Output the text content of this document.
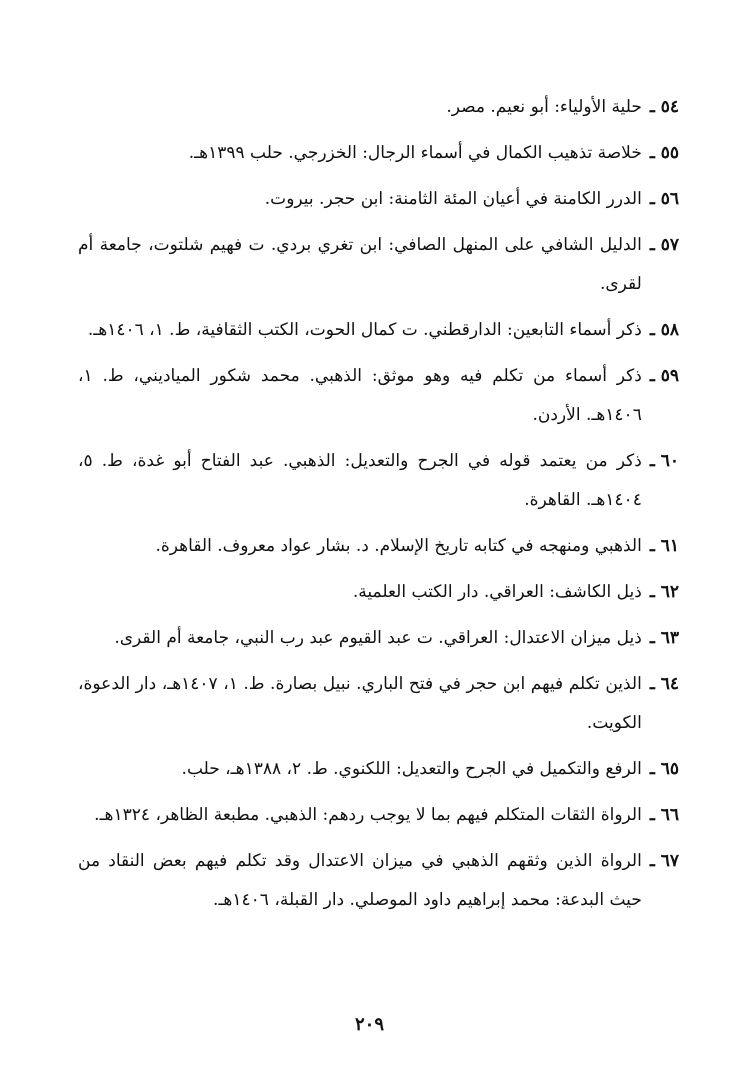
٥٤ ـ
حلية الأولياء: أبو نعيم. مصر.
٥٥ ـ
خلاصة تذهيب الكمال في أسماء الرجال: الخزرجي. حلب ١٣٩٩هـ.
٥٦ ـ
الدرر الكامنة في أعيان المئة الثامنة: ابن حجر. بيروت.
٥٧ ـ
الدليل الشافي على المنهل الصافي: ابن تغري بردي. ت فهيم شلتوت، جامعة أم لقرى.
٥٨ ـ
ذكر أسماء التابعين: الدارقطني. ت كمال الحوت، الكتب الثقافية، ط. ١، ١٤٠٦هـ.
٥٩ ـ
ذكر أسماء من تكلم فيه وهو موثق: الذهبي. محمد شكور المياديني، ط. ١، ١٤٠٦هـ. الأردن.
٦٠ ـ
ذكر من يعتمد قوله في الجرح والتعديل: الذهبي. عبد الفتاح أبو غدة، ط. ٥، ١٤٠٤هـ. القاهرة.
٦١ ـ
الذهبي ومنهجه في كتابه تاريخ الإسلام. د. بشار عواد معروف. القاهرة.
٦٢ ـ
ذيل الكاشف: العراقي. دار الكتب العلمية.
٦٣ ـ
ذيل ميزان الاعتدال: العراقي. ت عبد القيوم عبد رب النبي، جامعة أم القرى.
٦٤ ـ
الذين تكلم فيهم ابن حجر في فتح الباري. نبيل بصارة. ط. ١، ١٤٠٧هـ، دار الدعوة، الكويت.
٦٥ ـ
الرفع والتكميل في الجرح والتعديل: اللكنوي. ط. ٢، ١٣٨٨هـ، حلب.
٦٦ ـ
الرواة الثقات المتكلم فيهم بما لا يوجب ردهم: الذهبي. مطبعة الظاهر، ١٣٢٤هـ.
٦٧ ـ
الرواة الذين وثقهم الذهبي في ميزان الاعتدال وقد تكلم فيهم بعض النقاد من حيث البدعة: محمد إبراهيم داود الموصلي. دار القبلة، ١٤٠٦هـ.
٢٠٩
